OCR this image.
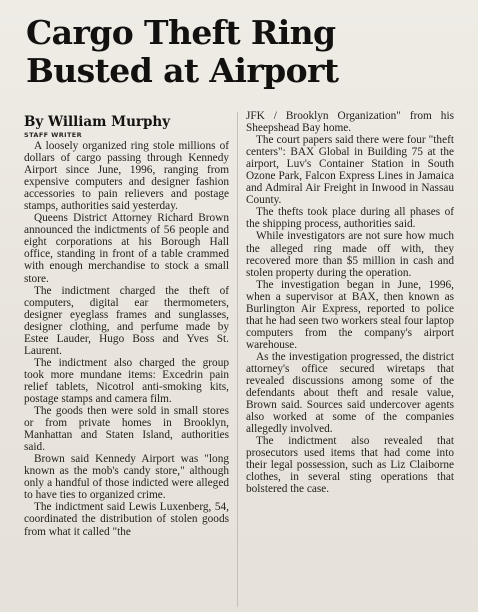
Cargo Theft Ring
Busted at Airport
By William Murphy
STAFF WRITER

A loosely organized ring stole millions of dollars of cargo passing through Kennedy Airport since June, 1996, ranging from expensive computers and designer fashion accessories to pain relievers and postage stamps, authorities said yesterday.

Queens District Attorney Richard Brown announced the indictments of 56 people and eight corporations at his Borough Hall office, standing in front of a table crammed with enough merchandise to stock a small store.

The indictment charged the theft of computers, digital ear thermometers, designer eyeglass frames and sunglasses, designer clothing, and perfume made by Estee Lauder, Hugo Boss and Yves St. Laurent.

The indictment also charged the group took more mundane items: Excedrin pain relief tablets, Nicotrol anti-smoking kits, postage stamps and camera film.

The goods then were sold in small stores or from private homes in Brooklyn, Manhattan and Staten Island, authorities said.

Brown said Kennedy Airport was "long known as the mob's candy store," although only a handful of those indicted were alleged to have ties to organized crime.

The indictment said Lewis Luxenberg, 54, coordinated the distribution of stolen goods from what it called "the

JFK / Brooklyn Organization" from his Sheepshead Bay home.

The court papers said there were four "theft centers": BAX Global in Building 75 at the airport, Luv's Container Station in South Ozone Park, Falcon Express Lines in Jamaica and Admiral Air Freight in Inwood in Nassau County.

The thefts took place during all phases of the shipping process, authorities said.

While investigators are not sure how much the alleged ring made off with, they recovered more than $5 million in cash and stolen property during the operation.

The investigation began in June, 1996, when a supervisor at BAX, then known as Burlington Air Express, reported to police that he had seen two workers steal four laptop computers from the company's airport warehouse.

As the investigation progressed, the district attorney's office secured wiretaps that revealed discussions among some of the defendants about theft and resale value, Brown said. Sources said undercover agents also worked at some of the companies allegedly involved.

The indictment also revealed that prosecutors used items that had come into their legal possession, such as Liz Claiborne clothes, in several sting operations that bolstered the case.
